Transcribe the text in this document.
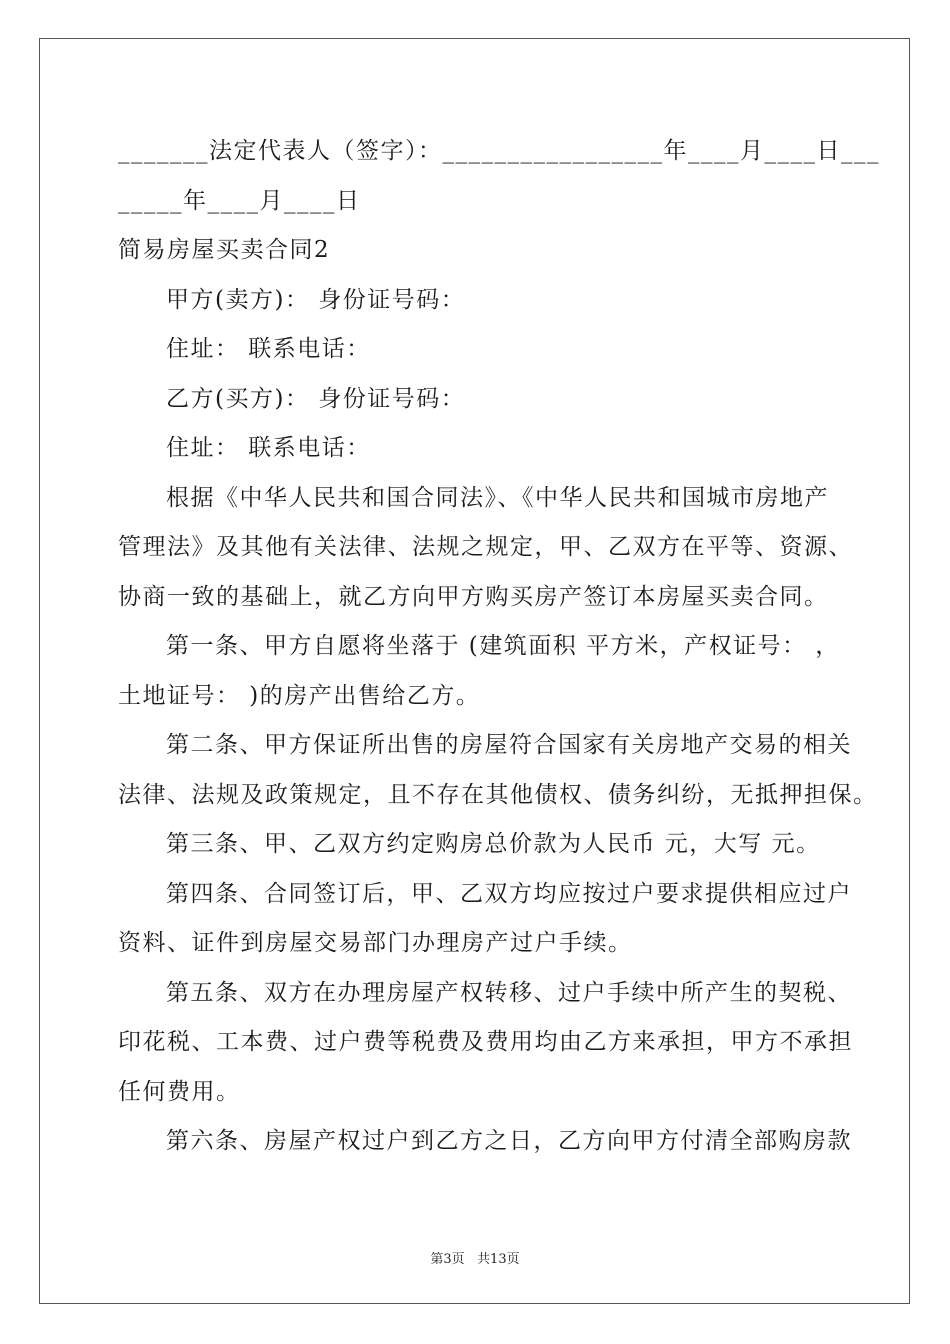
_______法定代表人（签字）：_________________年____月____日___
_____年____月____日
简易房屋买卖合同2
甲方(卖方)： 身份证号码：
住址： 联系电话：
乙方(买方)： 身份证号码：
住址： 联系电话：
根据《中华人民共和国合同法》、《中华人民共和国城市房地产
管理法》及其他有关法律、法规之规定，甲、乙双方在平等、资源、
协商一致的基础上，就乙方向甲方购买房产签订本房屋买卖合同。
第一条、甲方自愿将坐落于 (建筑面积 平方米，产权证号： ，
土地证号： )的房产出售给乙方。
第二条、甲方保证所出售的房屋符合国家有关房地产交易的相关
法律、法规及政策规定，且不存在其他债权、债务纠纷，无抵押担保。
第三条、甲、乙双方约定购房总价款为人民币 元，大写 元。
第四条、合同签订后，甲、乙双方均应按过户要求提供相应过户
资料、证件到房屋交易部门办理房产过户手续。
第五条、双方在办理房屋产权转移、过户手续中所产生的契税、
印花税、工本费、过户费等税费及费用均由乙方来承担，甲方不承担
任何费用。
第六条、房屋产权过户到乙方之日，乙方向甲方付清全部购房款
第3页   共13页
